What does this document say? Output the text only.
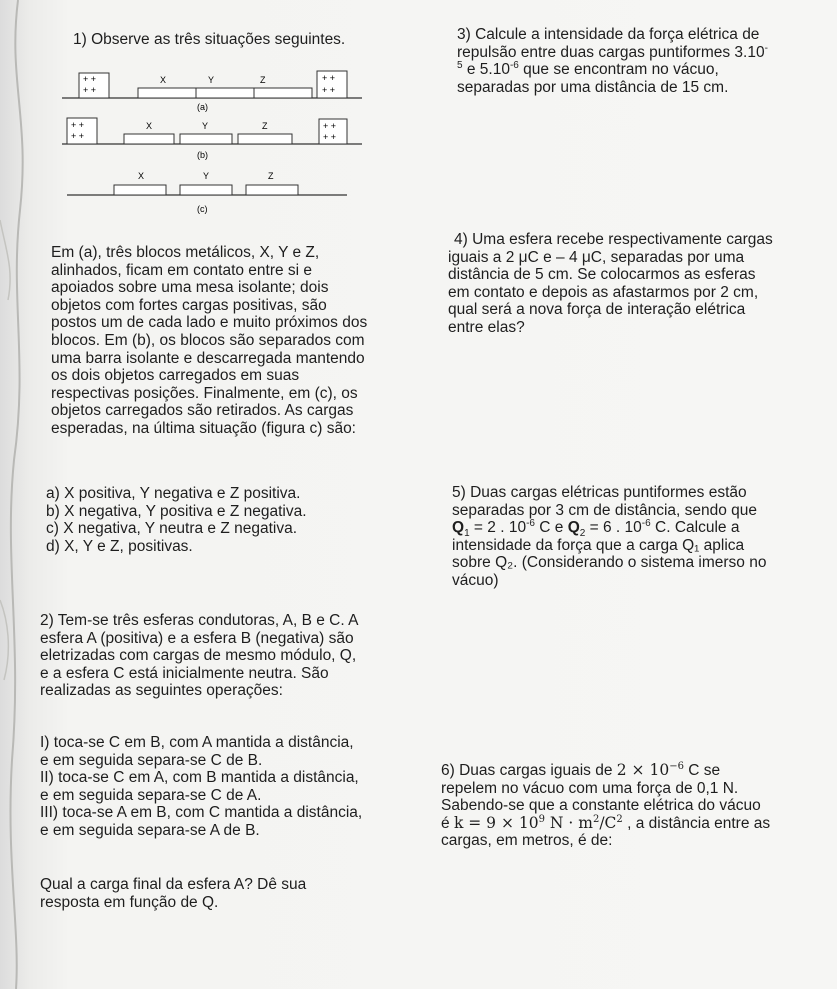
1) Observe as três situações seguintes.

+ +
+ +
X	Y	Z	+ +
+ +
(a)
+ +
+ +
X	Y	Z	+ +
+ +
(b)
X	Y	Z
(c)

Em (a), três blocos metálicos, X, Y e Z,

alinhados, ficam em contato entre si e

apoiados sobre uma mesa isolante; dois

objetos com fortes cargas positivas, são

postos um de cada lado e muito próximos dos

blocos. Em (b), os blocos são separados com

uma barra isolante e descarregada mantendo

os dois objetos carregados em suas

respectivas posições. Finalmente, em (c), os

objetos carregados são retirados. As cargas

esperadas, na última situação (figura c) são:

a) X positiva, Y negativa e Z positiva.

b) X negativa, Y positiva e Z negativa.

c) X negativa, Y neutra e Z negativa.

d) X, Y e Z, positivas.

2) Tem-se três esferas condutoras, A, B e C. A

esfera A (positiva) e a esfera B (negativa) são

eletrizadas com cargas de mesmo módulo, Q,

e a esfera C está inicialmente neutra. São

realizadas as seguintes operações:

I) toca-se C em B, com A mantida a distância,

e em seguida separa-se C de B.

II) toca-se C em A, com B mantida a distância,

e em seguida separa-se C de A.

III) toca-se A em B, com C mantida a distância,

e em seguida separa-se A de B.

Qual a carga final da esfera A? Dê sua

resposta em função de Q.

3) Calcule a intensidade da força elétrica de

repulsão entre duas cargas puntiformes 3.10-

$^5$ e $5.10^{-6}$ que se encontram no vácuo,

separadas por uma distância de 15 cm.

4) Uma esfera recebe respectivamente cargas

iguais a 2 μC e – 4 μC, separadas por uma

distância de 5 cm. Se colocarmos as esferas

em contato e depois as afastarmos por 2 cm,

qual será a nova força de interação elétrica

entre elas?

5) Duas cargas elétricas puntiformes estão

separadas por 3 cm de distância, sendo que

$Q_1 = 2$ . $10^{-6}$ C e $Q_2 = 6$ . $10^{-6}$ C. Calcule a

intensidade da força que a carga Q₁ aplica

sobre Q₂. (Considerando o sistema imerso no

vácuo)

6) Duas cargas iguais de $2 \times 10^{-6}$ C se

repelem no vácuo com uma força de 0,1 N.

Sabendo-se que a constante elétrica do vácuo

é $k = 9 \times 10^9$ $N \cdot m^2/C^2$ , a distância entre as

cargas, em metros, é de:
